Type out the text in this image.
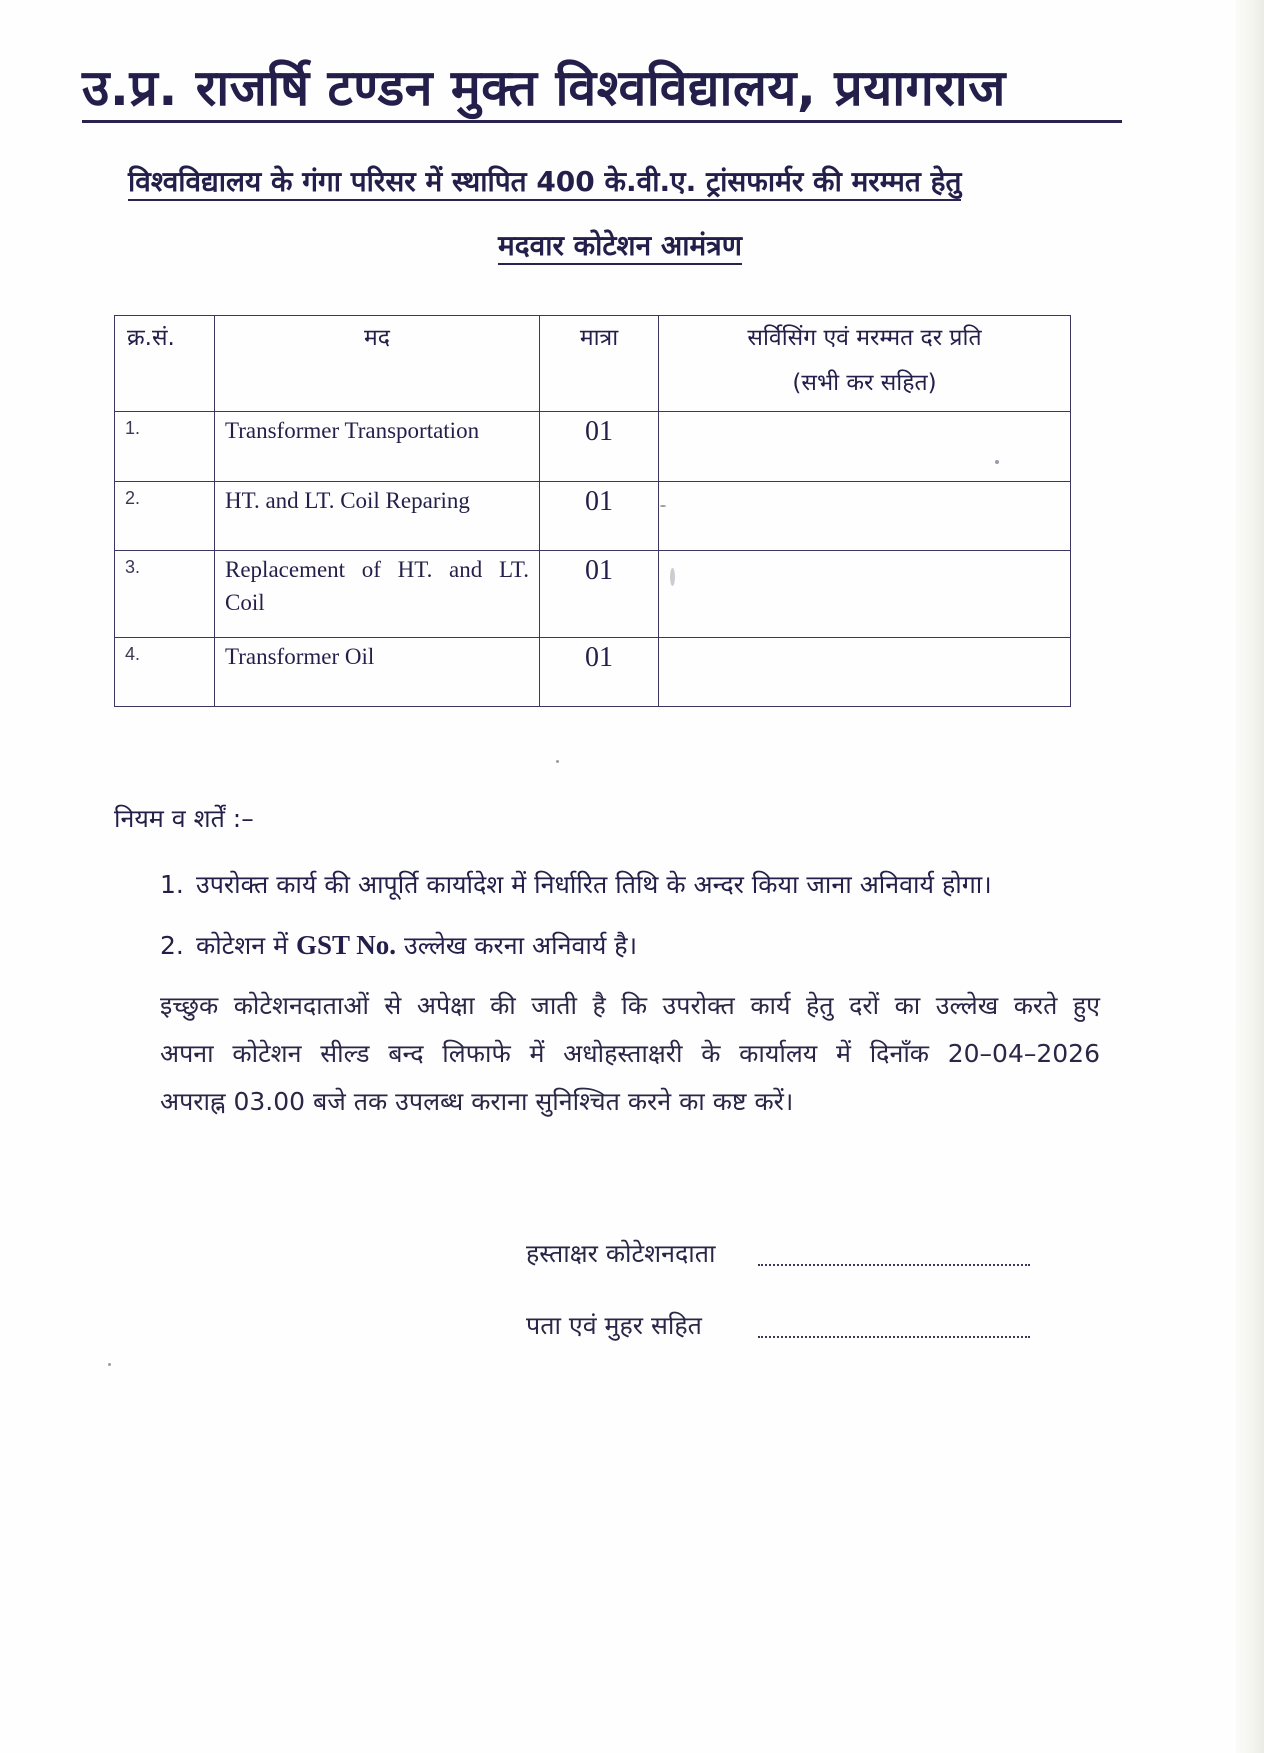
उ.प्र. राजर्षि टण्डन मुक्त विश्वविद्यालय, प्रयागराज
विश्वविद्यालय के गंगा परिसर में स्थापित 400 के.वी.ए. ट्रांसफार्मर की मरम्मत हेतु
मदवार कोटेशन आमंत्रण
क्र.सं.	मद	मात्रा	सर्विसिंग एवं मरम्मत दर प्रति
(सभी कर सहित)

1.	Transformer Transportation	01	
2.	HT. and LT. Coil Reparing	01	
3.	Replacement of HT. and LT. Coil	01	
4.	Transformer Oil	01	
नियम व शर्तें :–
1. उपरोक्त कार्य की आपूर्ति कार्यादेश में निर्धारित तिथि के अन्दर किया जाना अनिवार्य होगा।
2. कोटेशन में GST No. उल्लेख करना अनिवार्य है।
इच्छुक कोटेशनदाताओं से अपेक्षा की जाती है कि उपरोक्त कार्य हेतु दरों का उल्लेख करते हुए
अपना कोटेशन सील्ड बन्द लिफाफे में अधोहस्ताक्षरी के कार्यालय में दिनाँक 20–04–2026
अपराह्न 03.00 बजे तक उपलब्ध कराना सुनिश्चित करने का कष्ट करें।
हस्ताक्षर कोटेशनदाता
पता एवं मुहर सहित
